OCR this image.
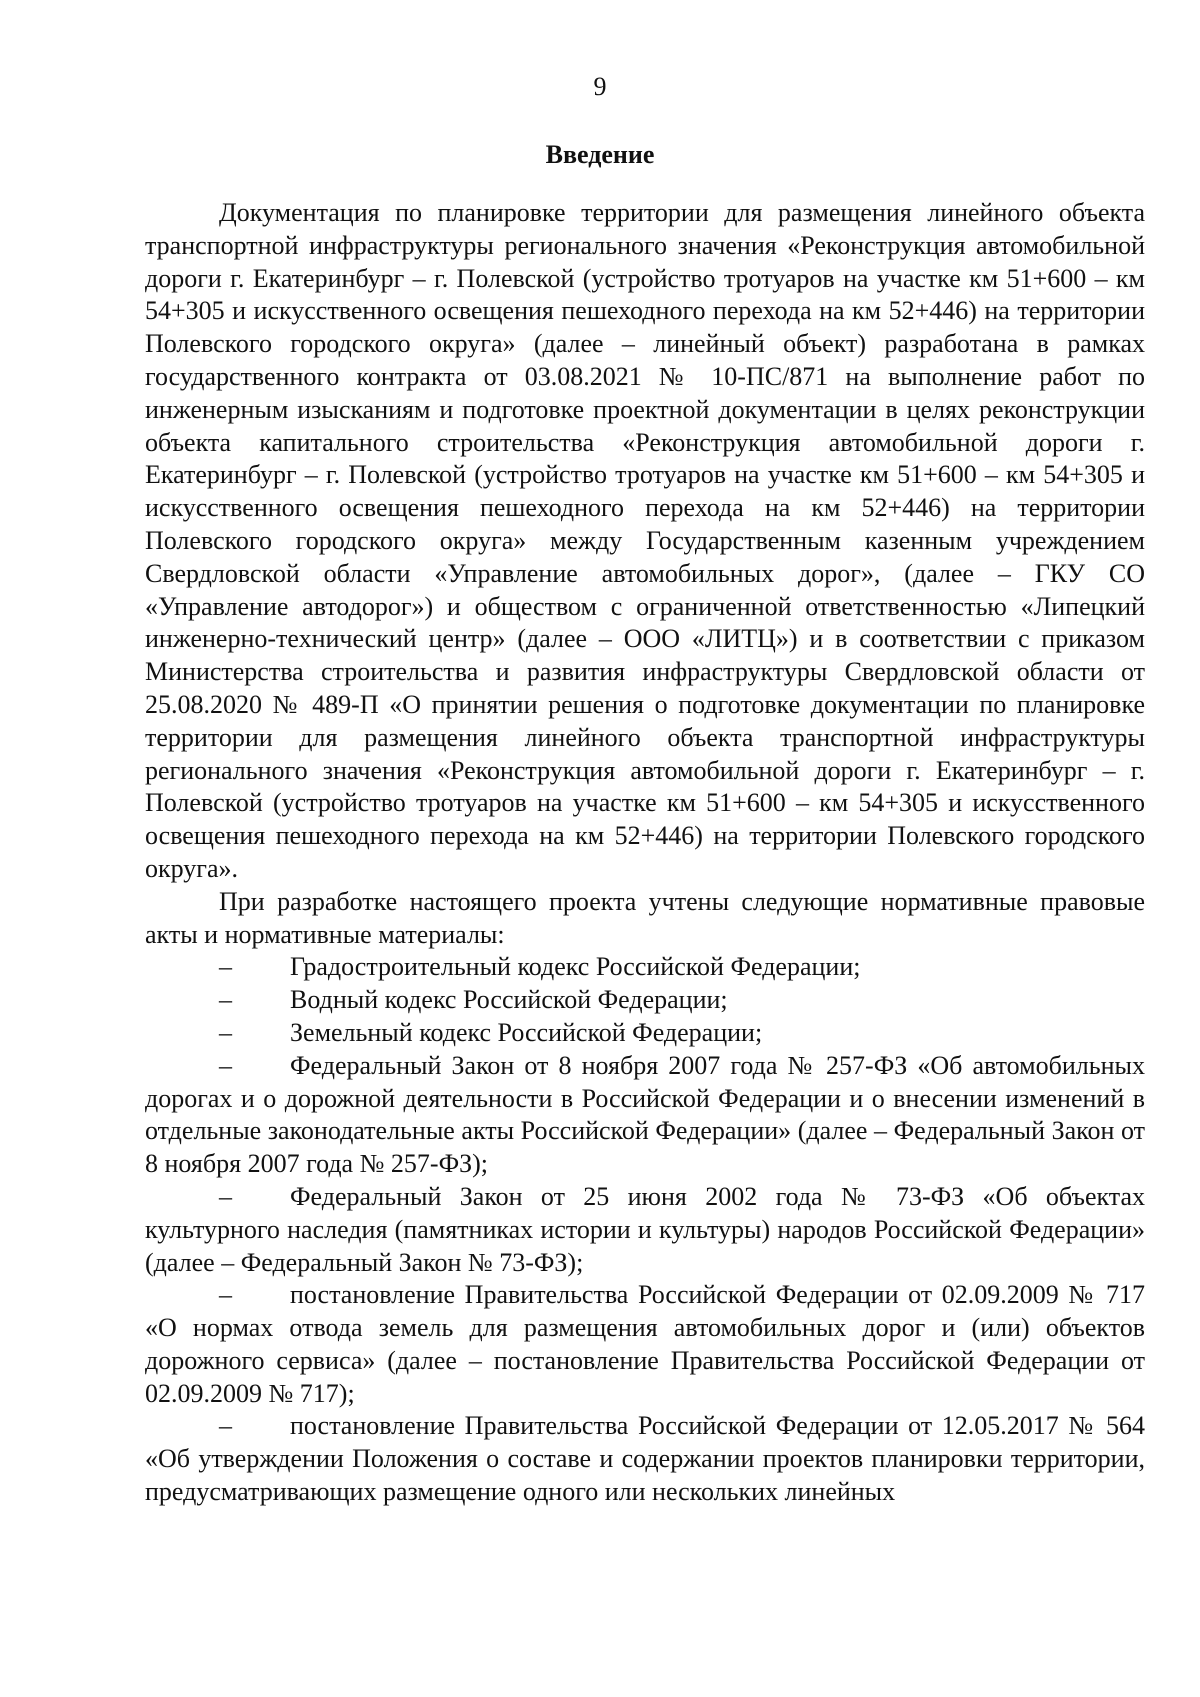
9
Введение

Документация по планировке территории для размещения линейного объекта транспортной инфраструктуры регионального значения «Реконструкция автомобильной дороги г. Екатеринбург – г. Полевской (устройство тротуаров на участке км 51+600 – км 54+305 и искусственного освещения пешеходного перехода на км 52+446) на территории Полевского городского округа» (далее – линейный объект) разработана в рамках государственного контракта от 03.08.2021 № 10-ПС/871 на выполнение работ по инженерным изысканиям и подготовке проектной документации в целях реконструкции объекта капитального строительства «Реконструкция автомобильной дороги г. Екатеринбург – г. Полевской (устройство тротуаров на участке км 51+600 – км 54+305 и искусственного освещения пешеходного перехода на км 52+446) на территории Полевского городского округа» между Государственным казенным учреждением Свердловской области «Управление автомобильных дорог», (далее – ГКУ СО «Управление автодорог») и обществом с ограниченной ответственностью «Липецкий инженерно-технический центр» (далее – ООО «ЛИТЦ») и в соответствии с приказом Министерства строительства и развития инфраструктуры Свердловской области от 25.08.2020 № 489-П «О принятии решения о подготовке документации по планировке территории для размещения линейного объекта транспортной инфраструктуры регионального значения «Реконструкция автомобильной дороги г. Екатеринбург – г. Полевской (устройство тротуаров на участке км 51+600 – км 54+305 и искусственного освещения пешеходного перехода на км 52+446) на территории Полевского городского округа».

При разработке настоящего проекта учтены следующие нормативные правовые акты и нормативные материалы:

–	Градостроительный кодекс Российской Федерации;
–	Водный кодекс Российской Федерации;
–	Земельный кодекс Российской Федерации;
– Федеральный Закон от 8 ноября 2007 года № 257-ФЗ «Об автомобильных дорогах и о дорожной деятельности в Российской Федерации и о внесении изменений в отдельные законодательные акты Российской Федерации» (далее – Федеральный Закон от 8 ноября 2007 года № 257-ФЗ);
– Федеральный Закон от 25 июня 2002 года № 73-ФЗ «Об объектах культурного наследия (памятниках истории и культуры) народов Российской Федерации» (далее – Федеральный Закон № 73-ФЗ);
– постановление Правительства Российской Федерации от 02.09.2009 № 717 «О нормах отвода земель для размещения автомобильных дорог и (или) объектов дорожного сервиса» (далее – постановление Правительства Российской Федерации от 02.09.2009 № 717);
– постановление Правительства Российской Федерации от 12.05.2017 № 564 «Об утверждении Положения о составе и содержании проектов планировки территории, предусматривающих размещение одного или нескольких линейных
